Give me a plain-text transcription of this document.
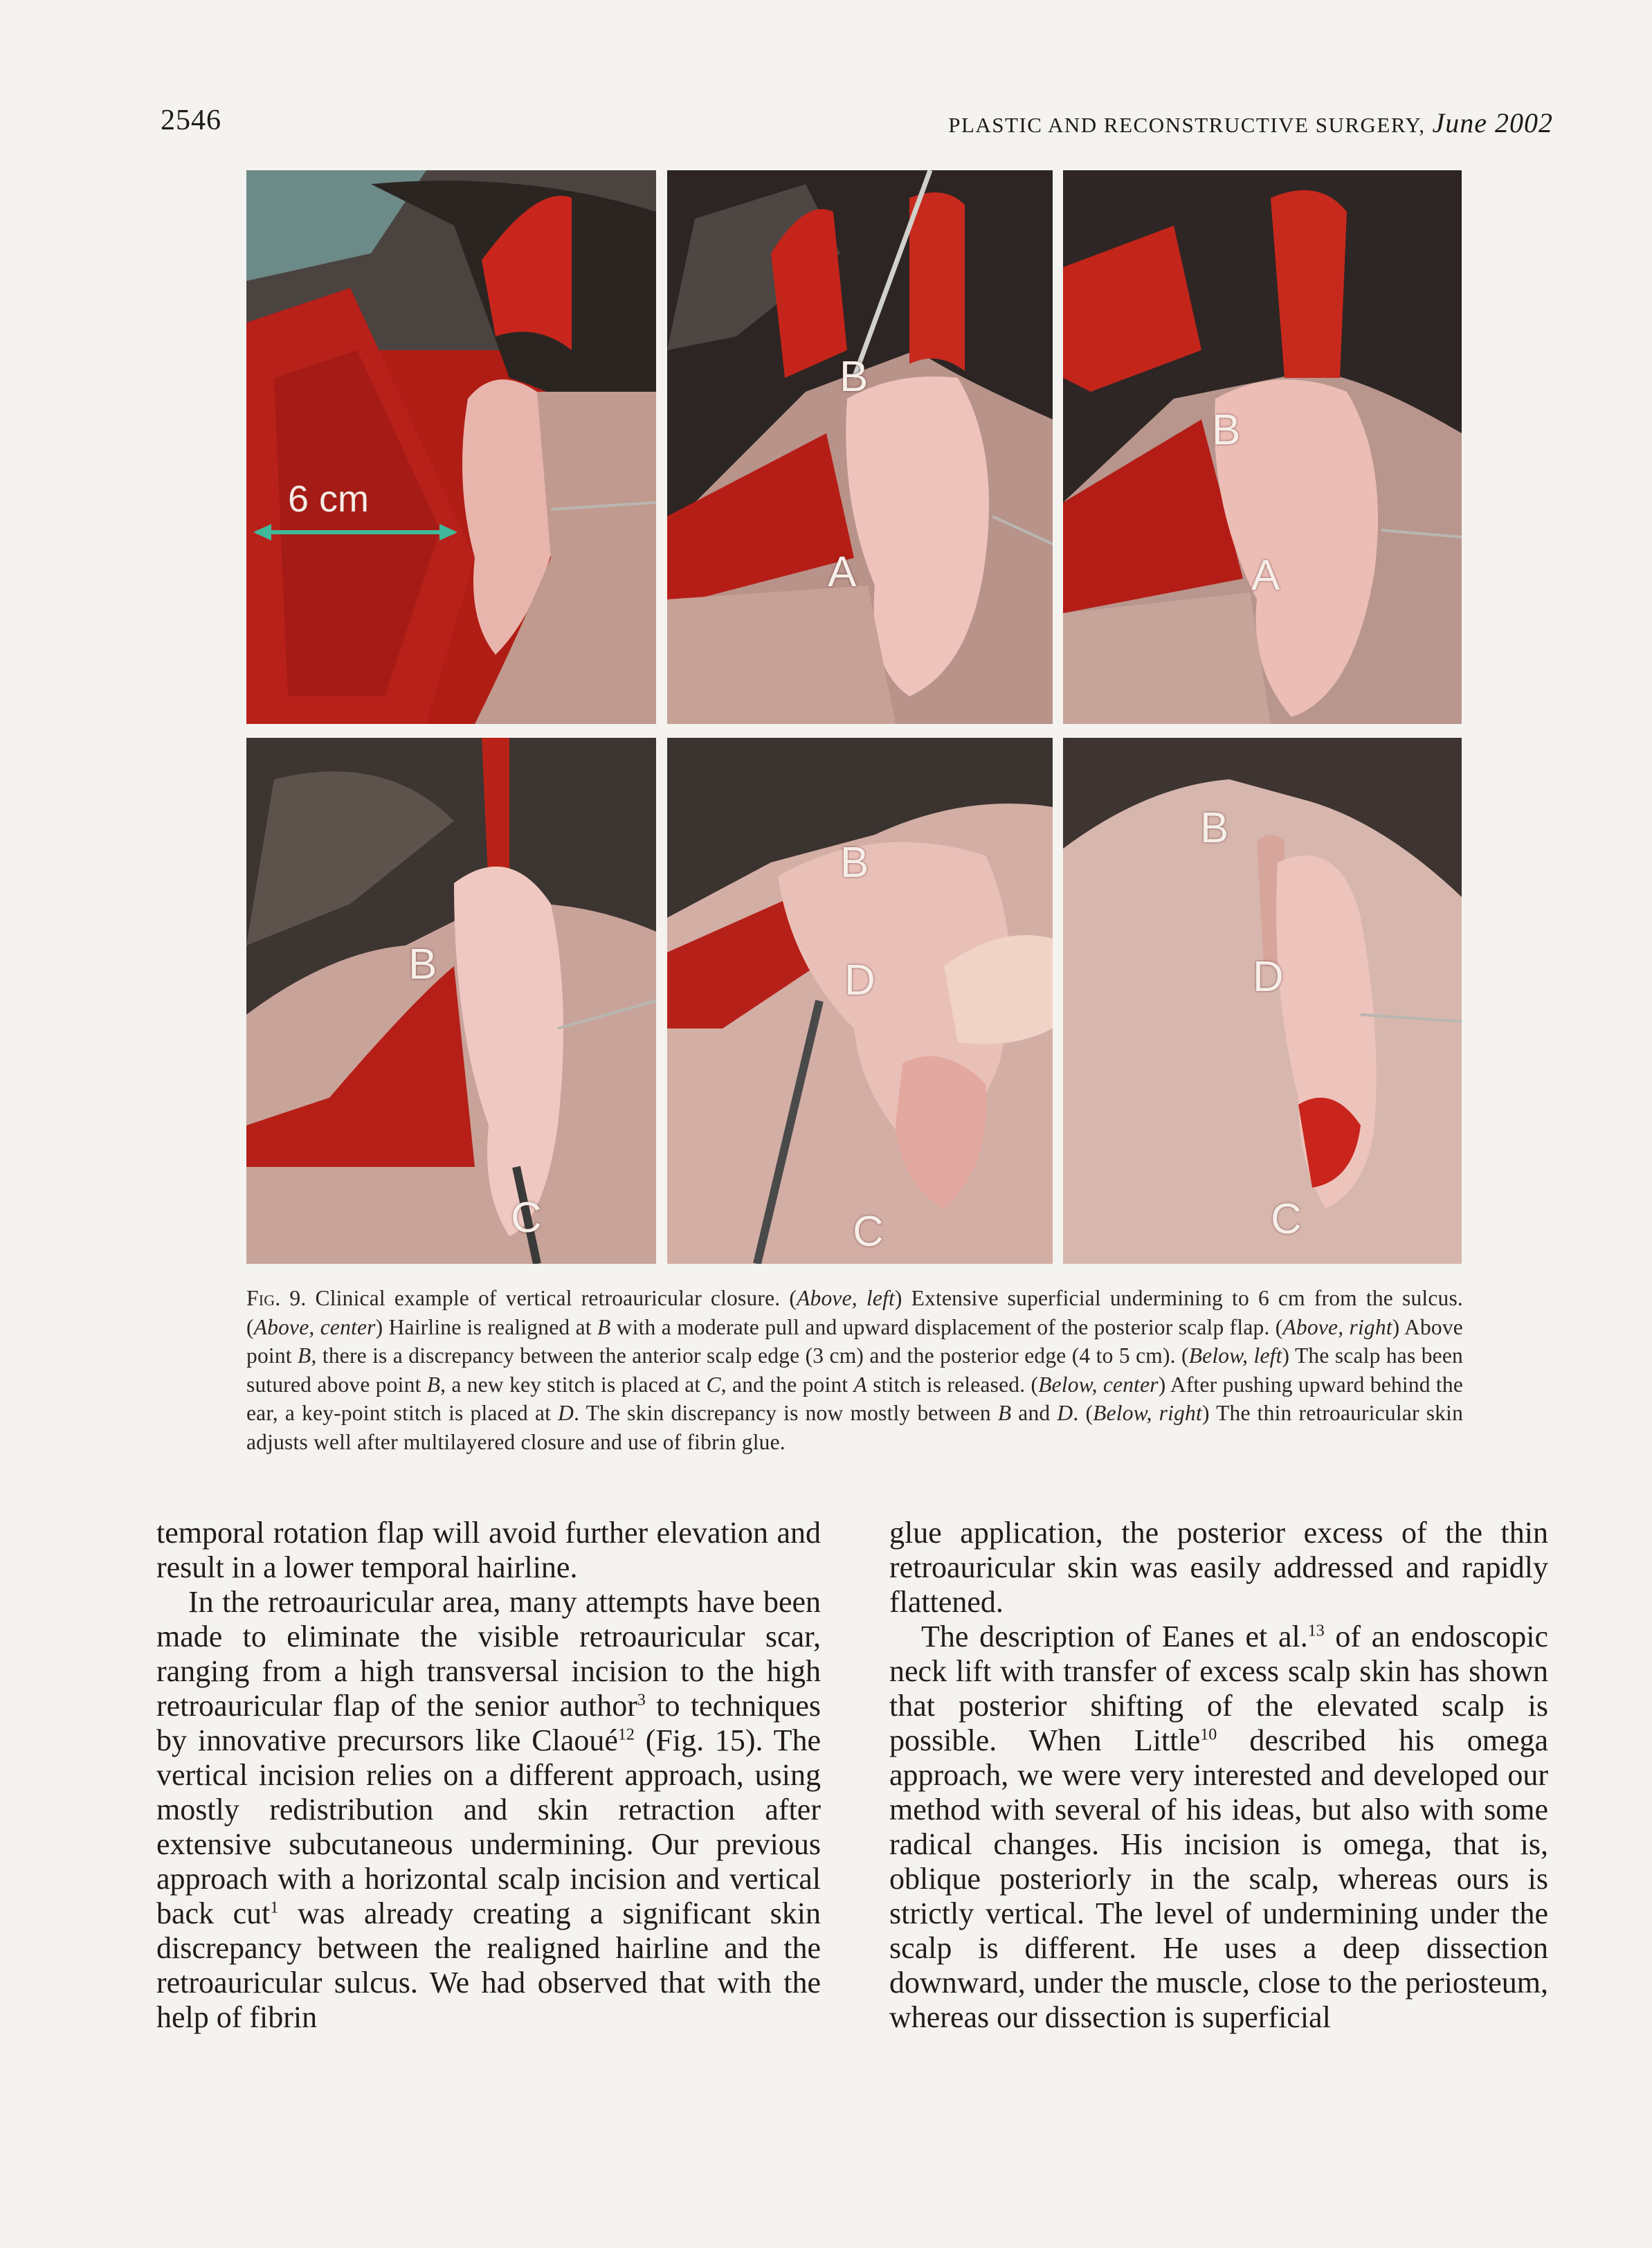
2546	PLASTIC AND RECONSTRUCTIVE SURGERY, June 2002
6 cm
B
A
B
A
B
C
B
D
C
B
D
C
Fig. 9. Clinical example of vertical retroauricular closure. (Above, left) Extensive superficial undermining to 6 cm from the sulcus. (Above, center) Hairline is realigned at B with a moderate pull and upward displacement of the posterior scalp flap. (Above, right) Above point B, there is a discrepancy between the anterior scalp edge (3 cm) and the posterior edge (4 to 5 cm). (Below, left) The scalp has been sutured above point B, a new key stitch is placed at C, and the point A stitch is released. (Below, center) After pushing upward behind the ear, a key-point stitch is placed at D. The skin discrepancy is now mostly between B and D. (Below, right) The thin retroauricular skin adjusts well after multilayered closure and use of fibrin glue.

temporal rotation flap will avoid further elevation and result in a lower temporal hairline.

In the retroauricular area, many attempts have been made to eliminate the visible retroauricular scar, ranging from a high transversal incision to the high retroauricular flap of the senior author$^3$ to techniques by innovative precursors like Claoué$^{12}$ (Fig. 15). The vertical incision relies on a different approach, using mostly redistribution and skin retraction after extensive subcutaneous undermining. Our previous approach with a horizontal scalp incision and vertical back cut$^1$ was already creating a significant skin discrepancy between the realigned hairline and the retroauricular sulcus. We had observed that with the help of fibrin

glue application, the posterior excess of the thin retroauricular skin was easily addressed and rapidly flattened.

The description of Eanes et al.$^{13}$ of an endoscopic neck lift with transfer of excess scalp skin has shown that posterior shifting of the elevated scalp is possible. When Little$^{10}$ described his omega approach, we were very interested and developed our method with several of his ideas, but also with some radical changes. His incision is omega, that is, oblique posteriorly in the scalp, whereas ours is strictly vertical. The level of undermining under the scalp is different. He uses a deep dissection downward, under the muscle, close to the periosteum, whereas our dissection is superficial
